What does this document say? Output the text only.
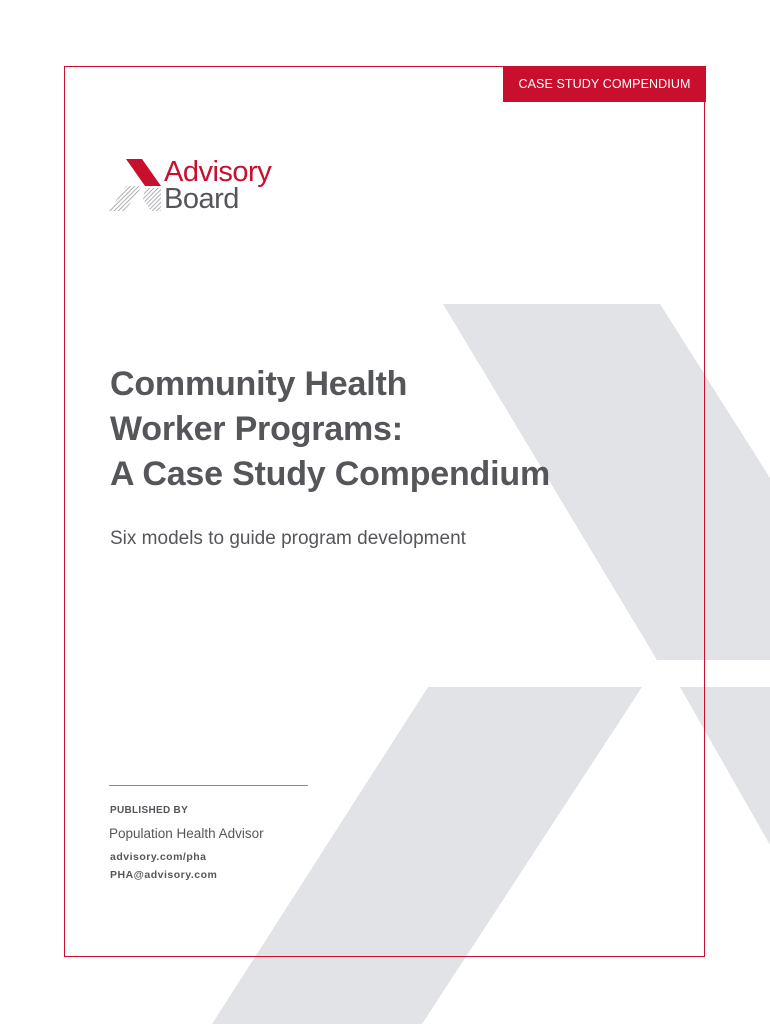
CASE STUDY COMPENDIUM
Advisory
Board
Community Health
Worker Programs:
A Case Study Compendium
Six models to guide program development
PUBLISHED BY
Population Health Advisor
advisory.com/pha
PHA@advisory.com
